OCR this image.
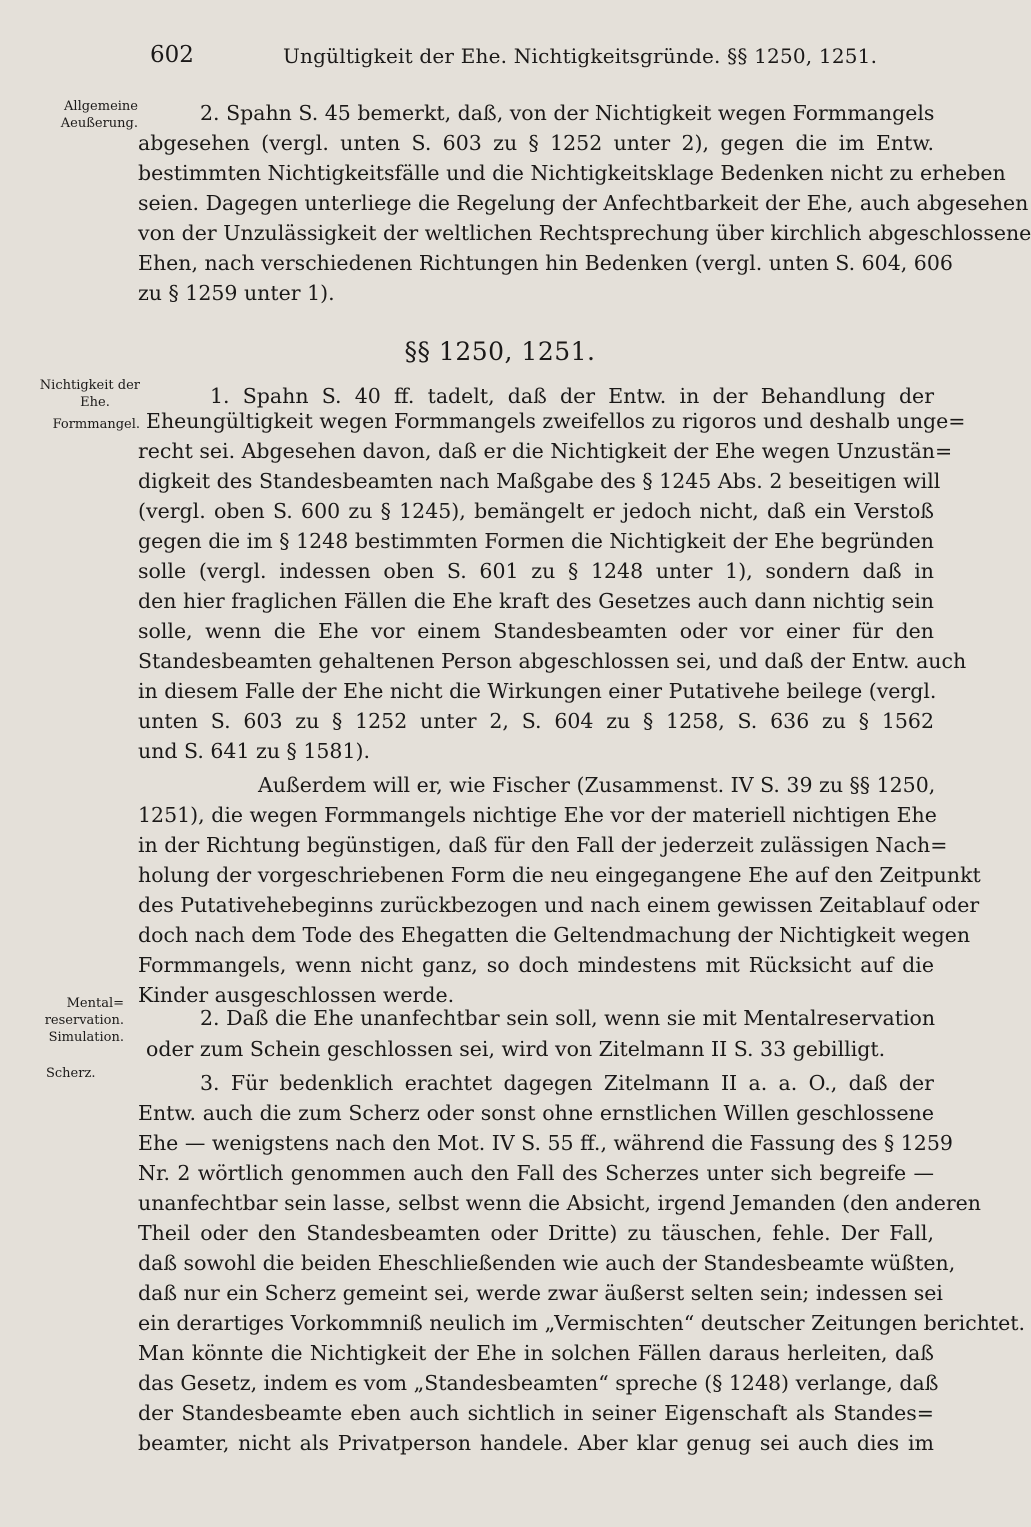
602	Ungültigkeit der Ehe. Nichtigkeitsgründe. §§ 1250, 1251.
Allgemeine
Aeußerung.
Nichtigkeit der
Ehe.
Formmangel.
Mental=
reservation.
Simulation.
Scherz.
2. Spahn S. 45 bemerkt, daß, von der Nichtigkeit wegen Formmangels
abgesehen (vergl. unten S. 603 zu § 1252 unter 2), gegen die im Entw.
bestimmten Nichtigkeitsfälle und die Nichtigkeitsklage Bedenken nicht zu erheben
seien. Dagegen unterliege die Regelung der Anfechtbarkeit der Ehe, auch abgesehen
von der Unzulässigkeit der weltlichen Rechtsprechung über kirchlich abgeschlossene
Ehen, nach verschiedenen Richtungen hin Bedenken (vergl. unten S. 604, 606
zu § 1259 unter 1).
§§ 1250, 1251.
1. Spahn S. 40 ff. tadelt, daß der Entw. in der Behandlung der
Eheungültigkeit wegen Formmangels zweifellos zu rigoros und deshalb unge=
recht sei. Abgesehen davon, daß er die Nichtigkeit der Ehe wegen Unzustän=
digkeit des Standesbeamten nach Maßgabe des § 1245 Abs. 2 beseitigen will
(vergl. oben S. 600 zu § 1245), bemängelt er jedoch nicht, daß ein Verstoß
gegen die im § 1248 bestimmten Formen die Nichtigkeit der Ehe begründen
solle (vergl. indessen oben S. 601 zu § 1248 unter 1), sondern daß in
den hier fraglichen Fällen die Ehe kraft des Gesetzes auch dann nichtig sein
solle, wenn die Ehe vor einem Standesbeamten oder vor einer für den
Standesbeamten gehaltenen Person abgeschlossen sei, und daß der Entw. auch
in diesem Falle der Ehe nicht die Wirkungen einer Putativehe beilege (vergl.
unten S. 603 zu § 1252 unter 2, S. 604 zu § 1258, S. 636 zu § 1562
und S. 641 zu § 1581).
Außerdem will er, wie Fischer (Zusammenst. IV S. 39 zu §§ 1250,
1251), die wegen Formmangels nichtige Ehe vor der materiell nichtigen Ehe
in der Richtung begünstigen, daß für den Fall der jederzeit zulässigen Nach=
holung der vorgeschriebenen Form die neu eingegangene Ehe auf den Zeitpunkt
des Putativehebeginns zurückbezogen und nach einem gewissen Zeitablauf oder
doch nach dem Tode des Ehegatten die Geltendmachung der Nichtigkeit wegen
Formmangels, wenn nicht ganz, so doch mindestens mit Rücksicht auf die
Kinder ausgeschlossen werde.
2. Daß die Ehe unanfechtbar sein soll, wenn sie mit Mentalreservation
oder zum Schein geschlossen sei, wird von Zitelmann II S. 33 gebilligt.
3. Für bedenklich erachtet dagegen Zitelmann II a. a. O., daß der
Entw. auch die zum Scherz oder sonst ohne ernstlichen Willen geschlossene
Ehe — wenigstens nach den Mot. IV S. 55 ff., während die Fassung des § 1259
Nr. 2 wörtlich genommen auch den Fall des Scherzes unter sich begreife —
unanfechtbar sein lasse, selbst wenn die Absicht, irgend Jemanden (den anderen
Theil oder den Standesbeamten oder Dritte) zu täuschen, fehle. Der Fall,
daß sowohl die beiden Eheschließenden wie auch der Standesbeamte wüßten,
daß nur ein Scherz gemeint sei, werde zwar äußerst selten sein; indessen sei
ein derartiges Vorkommniß neulich im „Vermischten“ deutscher Zeitungen berichtet.
Man könnte die Nichtigkeit der Ehe in solchen Fällen daraus herleiten, daß
das Gesetz, indem es vom „Standesbeamten“ spreche (§ 1248) verlange, daß
der Standesbeamte eben auch sichtlich in seiner Eigenschaft als Standes=
beamter, nicht als Privatperson handele. Aber klar genug sei auch dies im
